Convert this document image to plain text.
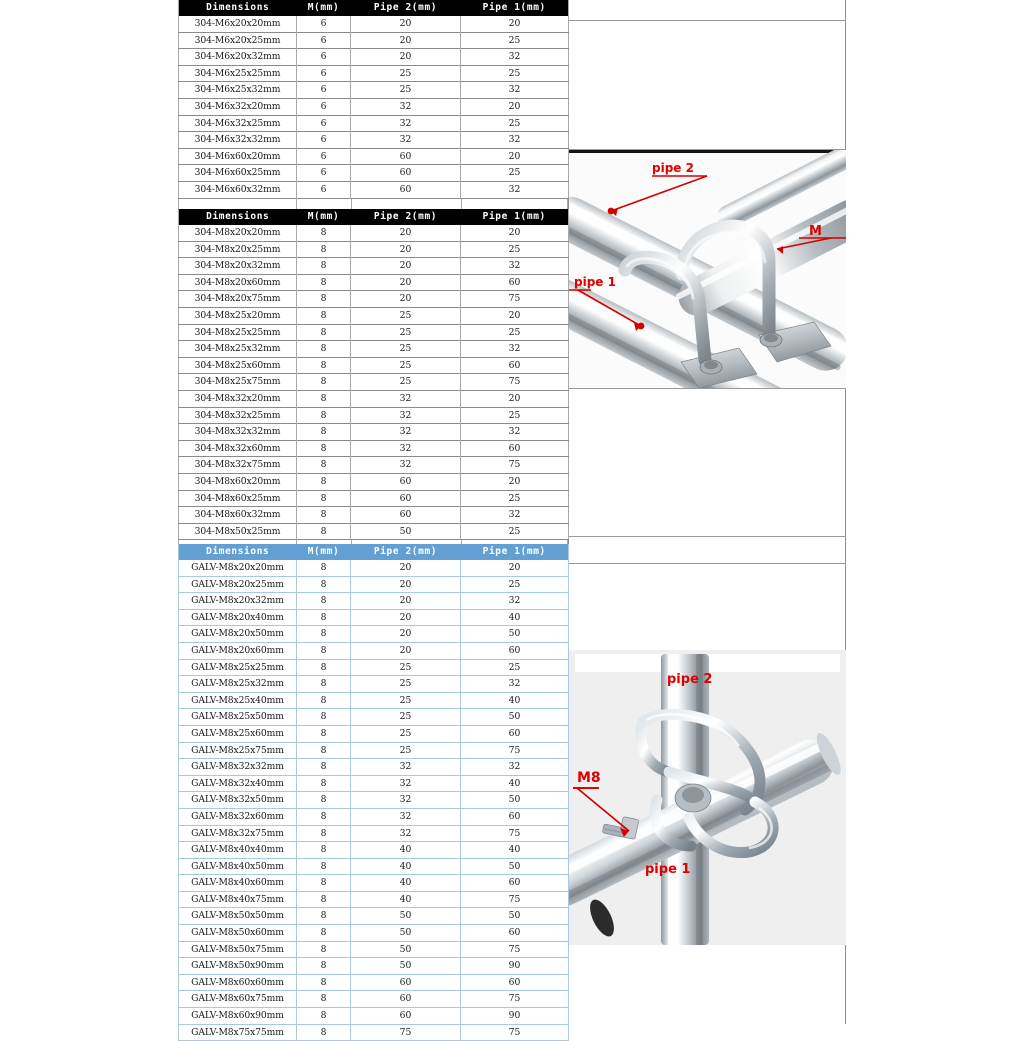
Dimensions	M(mm)	Pipe 2(mm)	Pipe 1(mm)
304-M6x20x20mm	6	20	20
304-M6x20x25mm	6	20	25
304-M6x20x32mm	6	20	32
304-M6x25x25mm	6	25	25
304-M6x25x32mm	6	25	32
304-M6x32x20mm	6	32	20
304-M6x32x25mm	6	32	25
304-M6x32x32mm	6	32	32
304-M6x60x20mm	6	60	20
304-M6x60x25mm	6	60	25
304-M6x60x32mm	6	60	32
Dimensions	M(mm)	Pipe 2(mm)	Pipe 1(mm)
304-M8x20x20mm	8	20	20
304-M8x20x25mm	8	20	25
304-M8x20x32mm	8	20	32
304-M8x20x60mm	8	20	60
304-M8x20x75mm	8	20	75
304-M8x25x20mm	8	25	20
304-M8x25x25mm	8	25	25
304-M8x25x32mm	8	25	32
304-M8x25x60mm	8	25	60
304-M8x25x75mm	8	25	75
304-M8x32x20mm	8	32	20
304-M8x32x25mm	8	32	25
304-M8x32x32mm	8	32	32
304-M8x32x60mm	8	32	60
304-M8x32x75mm	8	32	75
304-M8x60x20mm	8	60	20
304-M8x60x25mm	8	60	25
304-M8x60x32mm	8	60	32
304-M8x50x25mm	8	50	25
Dimensions	M(mm)	Pipe 2(mm)	Pipe 1(mm)
GALV-M8x20x20mm	8	20	20
GALV-M8x20x25mm	8	20	25
GALV-M8x20x32mm	8	20	32
GALV-M8x20x40mm	8	20	40
GALV-M8x20x50mm	8	20	50
GALV-M8x20x60mm	8	20	60
GALV-M8x25x25mm	8	25	25
GALV-M8x25x32mm	8	25	32
GALV-M8x25x40mm	8	25	40
GALV-M8x25x50mm	8	25	50
GALV-M8x25x60mm	8	25	60
GALV-M8x25x75mm	8	25	75
GALV-M8x32x32mm	8	32	32
GALV-M8x32x40mm	8	32	40
GALV-M8x32x50mm	8	32	50
GALV-M8x32x60mm	8	32	60
GALV-M8x32x75mm	8	32	75
GALV-M8x40x40mm	8	40	40
GALV-M8x40x50mm	8	40	50
GALV-M8x40x60mm	8	40	60
GALV-M8x40x75mm	8	40	75
GALV-M8x50x50mm	8	50	50
GALV-M8x50x60mm	8	50	60
GALV-M8x50x75mm	8	50	75
GALV-M8x50x90mm	8	50	90
GALV-M8x60x60mm	8	60	60
GALV-M8x60x75mm	8	60	75
GALV-M8x60x90mm	8	60	90
GALV-M8x75x75mm	8	75	75
pipe 2
M
pipe 1
pipe 2
M8
pipe 1
